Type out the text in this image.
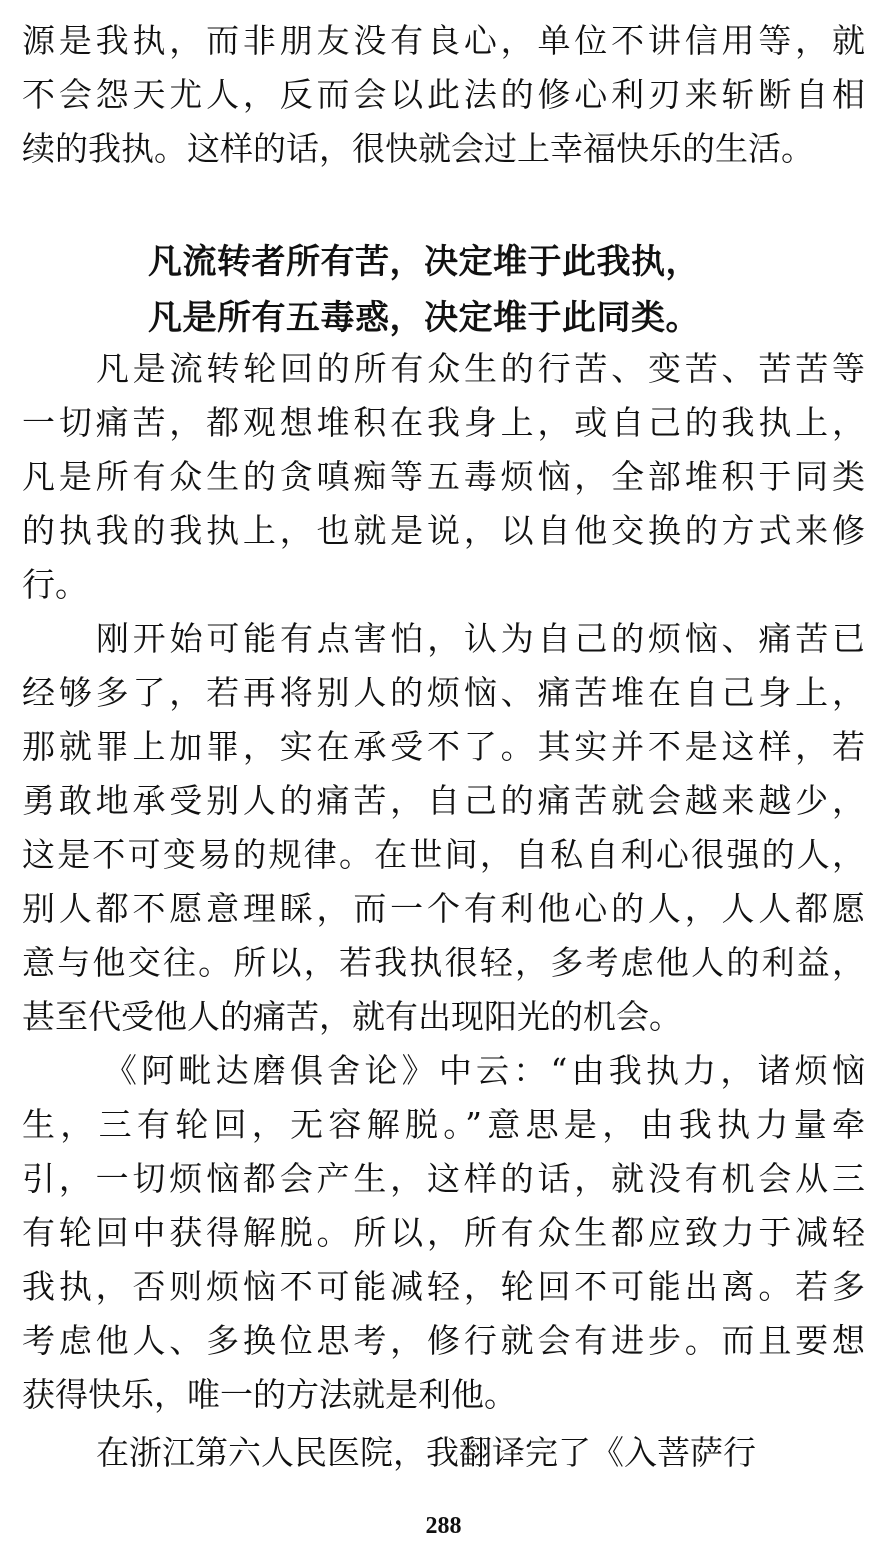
源是我执，而非朋友没有良心，单位不讲信用等，就
不会怨天尤人，反而会以此法的修心利刃来斩断自相
续的我执。这样的话，很快就会过上幸福快乐的生活。
凡流转者所有苦，决定堆于此我执，
凡是所有五毒惑，决定堆于此同类。
凡是流转轮回的所有众生的行苦、变苦、苦苦等
一切痛苦，都观想堆积在我身上，或自己的我执上，
凡是所有众生的贪嗔痴等五毒烦恼，全部堆积于同类
的执我的我执上，也就是说，以自他交换的方式来修
行。
刚开始可能有点害怕，认为自己的烦恼、痛苦已
经够多了，若再将别人的烦恼、痛苦堆在自己身上，
那就罪上加罪，实在承受不了。其实并不是这样，若
勇敢地承受别人的痛苦，自己的痛苦就会越来越少，
这是不可变易的规律。在世间，自私自利心很强的人，
别人都不愿意理睬，而一个有利他心的人，人人都愿
意与他交往。所以，若我执很轻，多考虑他人的利益，
甚至代受他人的痛苦，就有出现阳光的机会。
《阿毗达磨俱舍论》中云：“由我执力，诸烦恼
生，三有轮回，无容解脱。”意思是，由我执力量牵
引，一切烦恼都会产生，这样的话，就没有机会从三
有轮回中获得解脱。所以，所有众生都应致力于减轻
我执，否则烦恼不可能减轻，轮回不可能出离。若多
考虑他人、多换位思考，修行就会有进步。而且要想
获得快乐，唯一的方法就是利他。
在浙江第六人民医院，我翻译完了《入菩萨行
288
